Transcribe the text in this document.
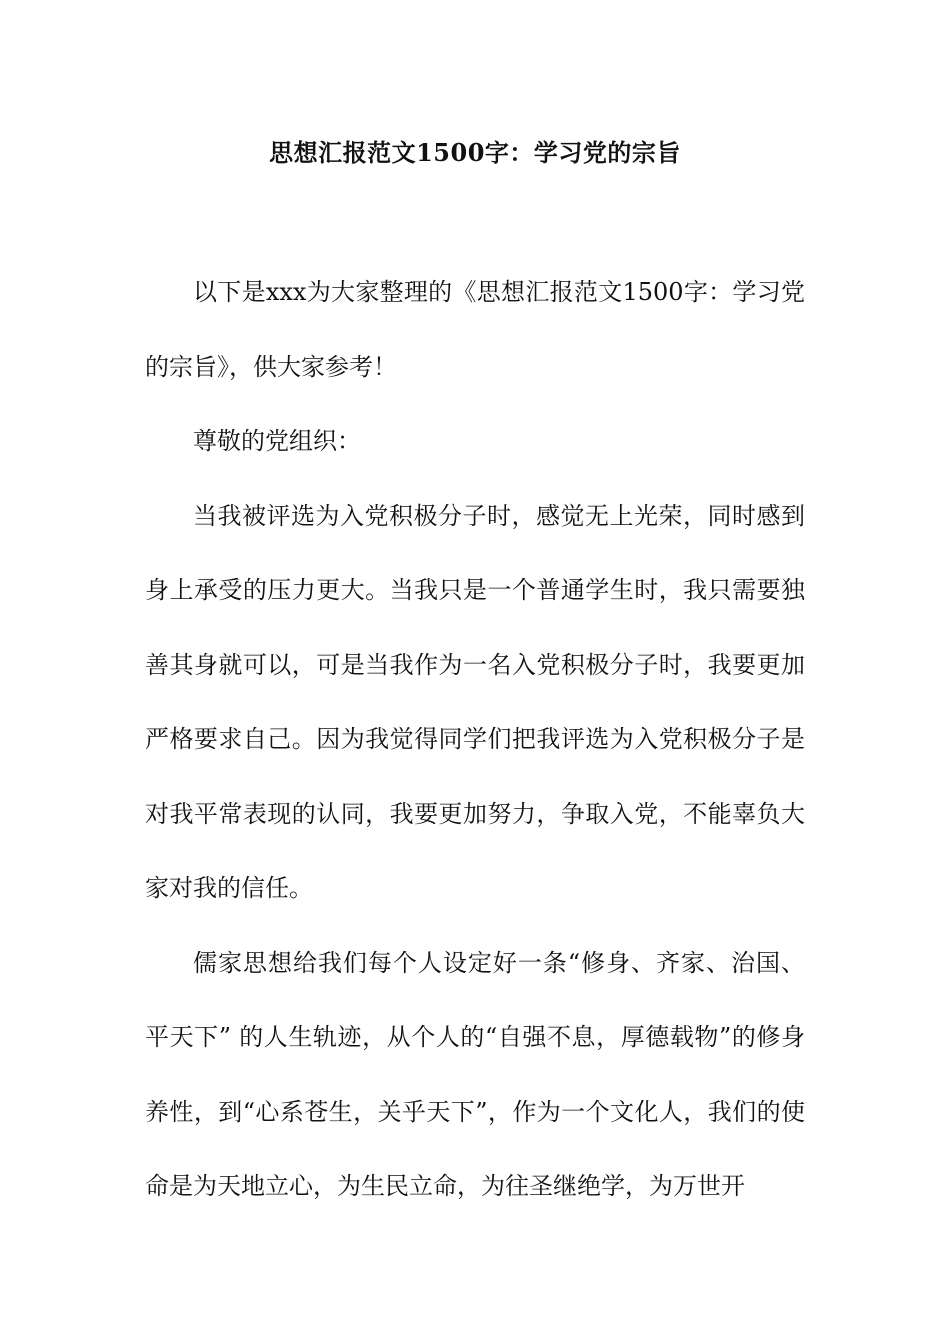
思想汇报范文1500字：学习党的宗旨

以下是xxx为大家整理的《思想汇报范文1500字：学习党的宗旨》，供大家参考！

尊敬的党组织：

当我被评选为入党积极分子时，感觉无上光荣，同时感到身上承受的压力更大。当我只是一个普通学生时，我只需要独善其身就可以，可是当我作为一名入党积极分子时，我要更加严格要求自己。因为我觉得同学们把我评选为入党积极分子是对我平常表现的认同，我要更加努力，争取入党，不能辜负大家对我的信任。

儒家思想给我们每个人设定好一条“修身、齐家、治国、平天下” 的人生轨迹，从个人的“自强不息，厚德载物”的修身养性，到“心系苍生，关乎天下”，作为一个文化人，我们的使命是为天地立心，为生民立命，为往圣继绝学，为万世开
